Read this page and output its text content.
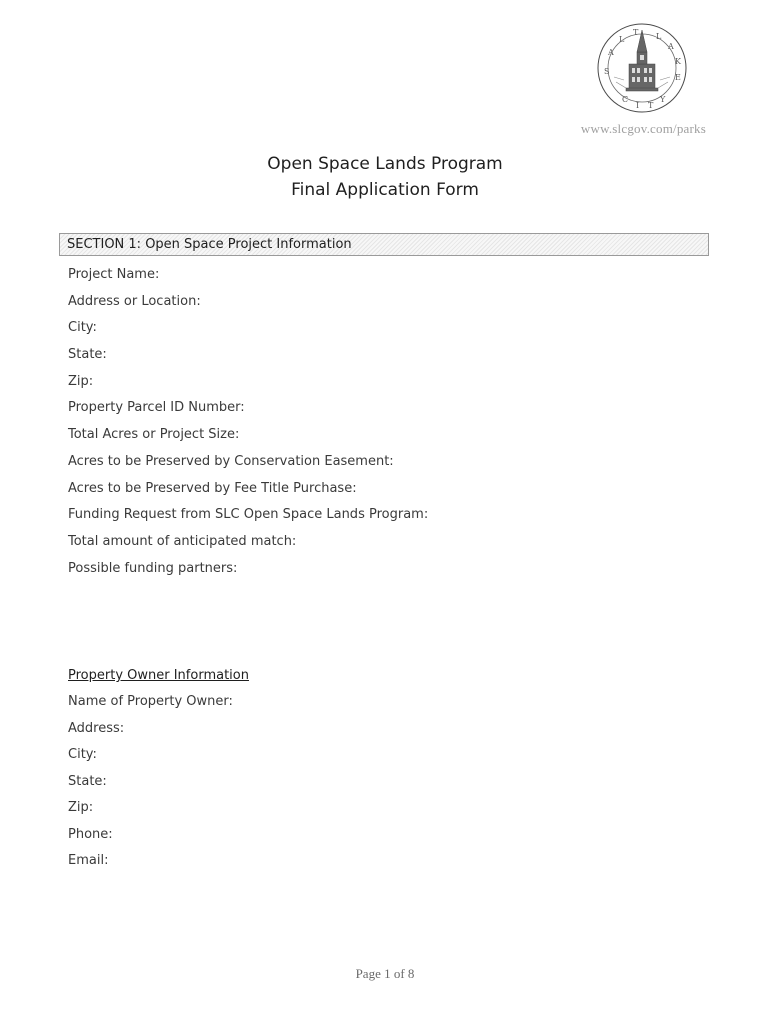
S
A
L
T L
A
K
E
C
I T
Y
www.slcgov.com/parks
Open Space Lands Program
Final Application Form
SECTION 1: Open Space Project Information
Project Name:
Address or Location:
City:
State:
Zip:
Property Parcel ID Number:
Total Acres or Project Size:
Acres to be Preserved by Conservation Easement:
Acres to be Preserved by Fee Title Purchase:
Funding Request from SLC Open Space Lands Program:
Total amount of anticipated match:
Possible funding partners:
Property Owner Information
Name of Property Owner:
Address:
City:
State:
Zip:
Phone:
Email:
Page 1 of 8
